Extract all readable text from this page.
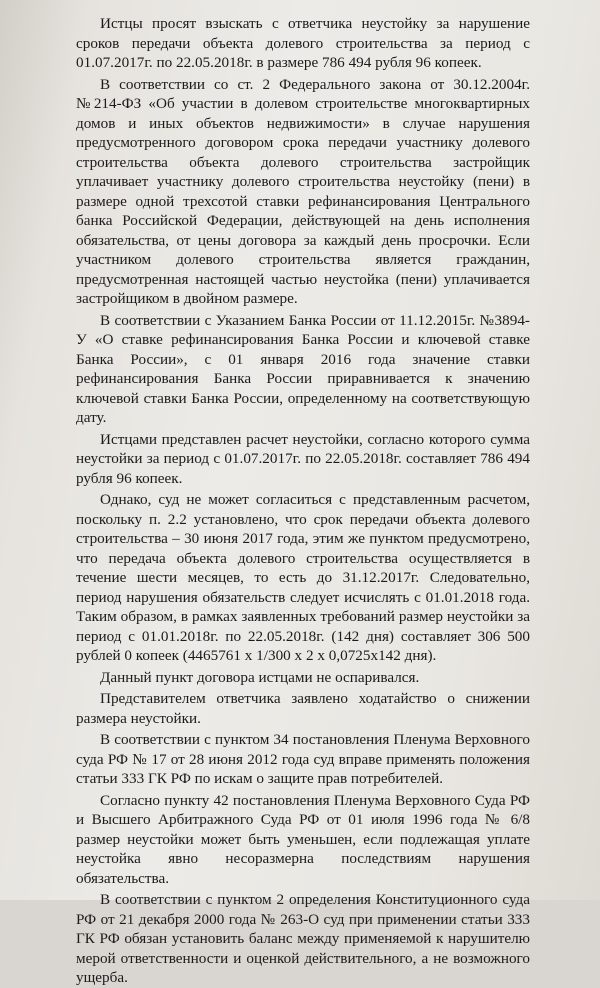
Истцы просят взыскать с ответчика неустойку за нарушение сроков передачи объекта долевого строительства за период с 01.07.2017г. по 22.05.2018г. в размере 786 494 рубля 96 копеек.

В соответствии со ст. 2 Федерального закона от 30.12.2004г. №214-ФЗ «Об участии в долевом строительстве многоквартирных домов и иных объектов недвижимости» в случае нарушения предусмотренного договором срока передачи участнику долевого строительства объекта долевого строительства застройщик уплачивает участнику долевого строительства неустойку (пени) в размере одной трехсотой ставки рефинансирования Центрального банка Российской Федерации, действующей на день исполнения обязательства, от цены договора за каждый день просрочки. Если участником долевого строительства является гражданин, предусмотренная настоящей частью неустойка (пени) уплачивается застройщиком в двойном размере.

В соответствии с Указанием Банка России от 11.12.2015г. №3894-У «О ставке рефинансирования Банка России и ключевой ставке Банка России», с 01 января 2016 года значение ставки рефинансирования Банка России приравнивается к значению ключевой ставки Банка России, определенному на соответствующую дату.

Истцами представлен расчет неустойки, согласно которого сумма неустойки за период с 01.07.2017г. по 22.05.2018г. составляет 786 494 рубля 96 копеек.

Однако, суд не может согласиться с представленным расчетом, поскольку п. 2.2 установлено, что срок передачи объекта долевого строительства – 30 июня 2017 года, этим же пунктом предусмотрено, что передача объекта долевого строительства осуществляется в течение шести месяцев, то есть до 31.12.2017г. Следовательно, период нарушения обязательств следует исчислять с 01.01.2018 года. Таким образом, в рамках заявленных требований размер неустойки за период с 01.01.2018г. по 22.05.2018г. (142 дня) составляет 306 500 рублей 0 копеек (4465761 х 1/300 х 2 х 0,0725х142 дня).

Данный пункт договора истцами не оспаривался.

Представителем ответчика заявлено ходатайство о снижении размера неустойки.

В соответствии с пунктом 34 постановления Пленума Верховного суда РФ № 17 от 28 июня 2012 года суд вправе применять положения статьи 333 ГК РФ по искам о защите прав потребителей.

Согласно пункту 42 постановления Пленума Верховного Суда РФ и Высшего Арбитражного Суда РФ от 01 июля 1996 года № 6/8 размер неустойки может быть уменьшен, если подлежащая уплате неустойка явно несоразмерна последствиям нарушения обязательства.

В соответствии с пунктом 2 определения Конституционного суда РФ от 21 декабря 2000 года № 263-О суд при применении статьи 333 ГК РФ обязан установить баланс между применяемой к нарушителю мерой ответственности и оценкой действительного, а не возможного ущерба.
